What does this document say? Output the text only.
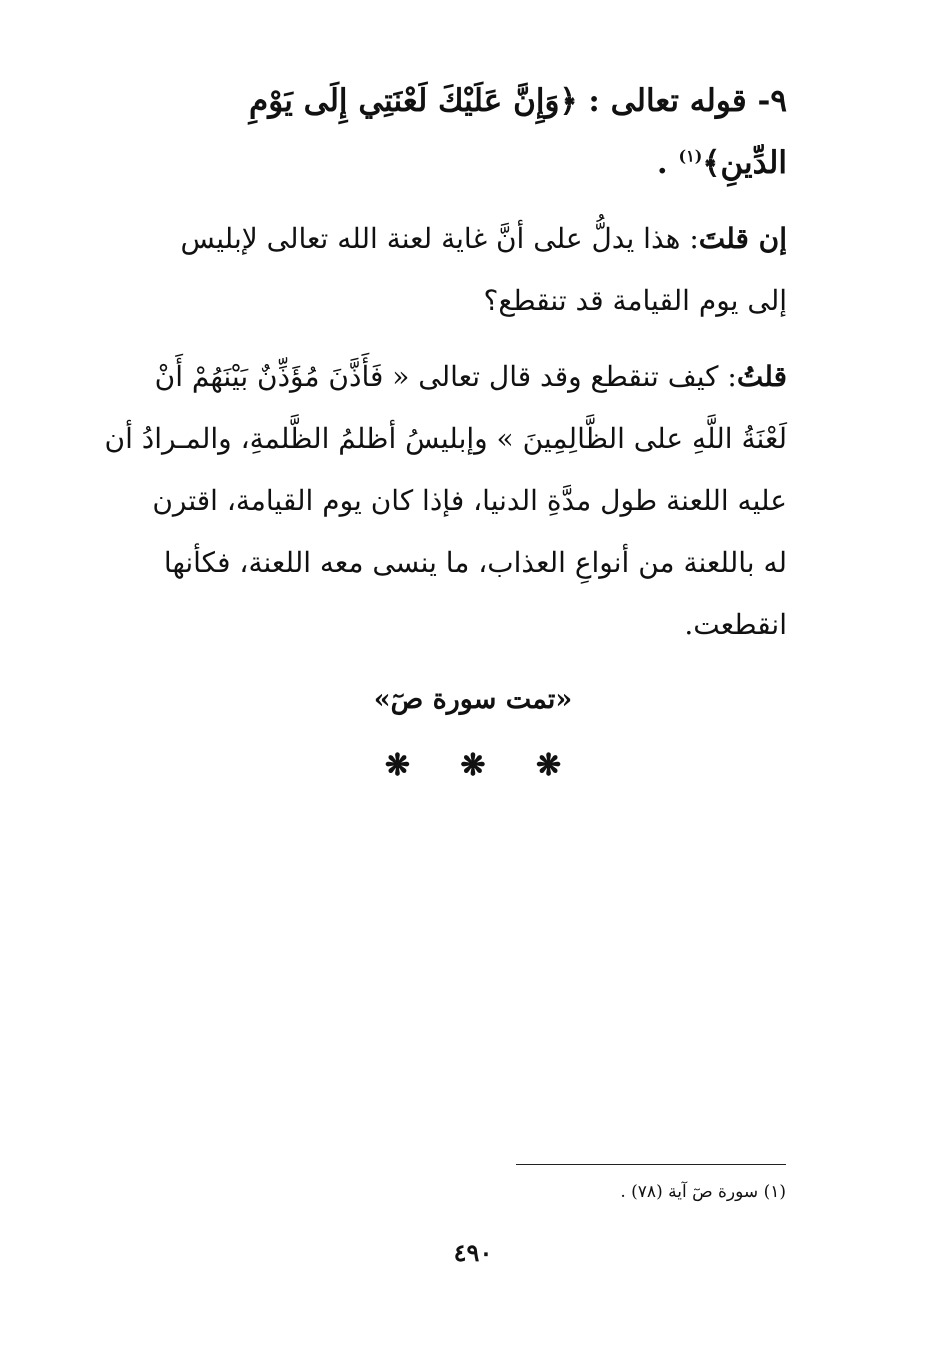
٩- قوله تعالى : ﴿وَإِنَّ عَلَيْكَ لَعْنَتِي إِلَى يَوْمِ
الدِّينِ﴾$^{(١)}$ .
إن قلتَ: هذا يدلُّ على أنَّ غاية لعنة الله تعالى لإبليس
إلى يوم القيامة قد تنقطع؟
قلتُ: كيف تنقطع وقد قال تعالى « فَأَذَّنَ مُؤَذِّنٌ بَيْنَهُمْ أَنْ
لَعْنَةُ اللَّهِ على الظَّالِمِينَ » وإبليسُ أظلمُ الظَّلمةِ، والمـرادُ أن
عليه اللعنة طول مدَّةِ الدنيا، فإذا كان يوم القيامة، اقترن
له باللعنة من أنواعِ العذاب، ما ينسى معه اللعنة، فكأنها
انقطعت.
«تمت سورة صٓ»
❋ ❋ ❋
(١) سورة صٓ آية (٧٨) .
٤٩٠
